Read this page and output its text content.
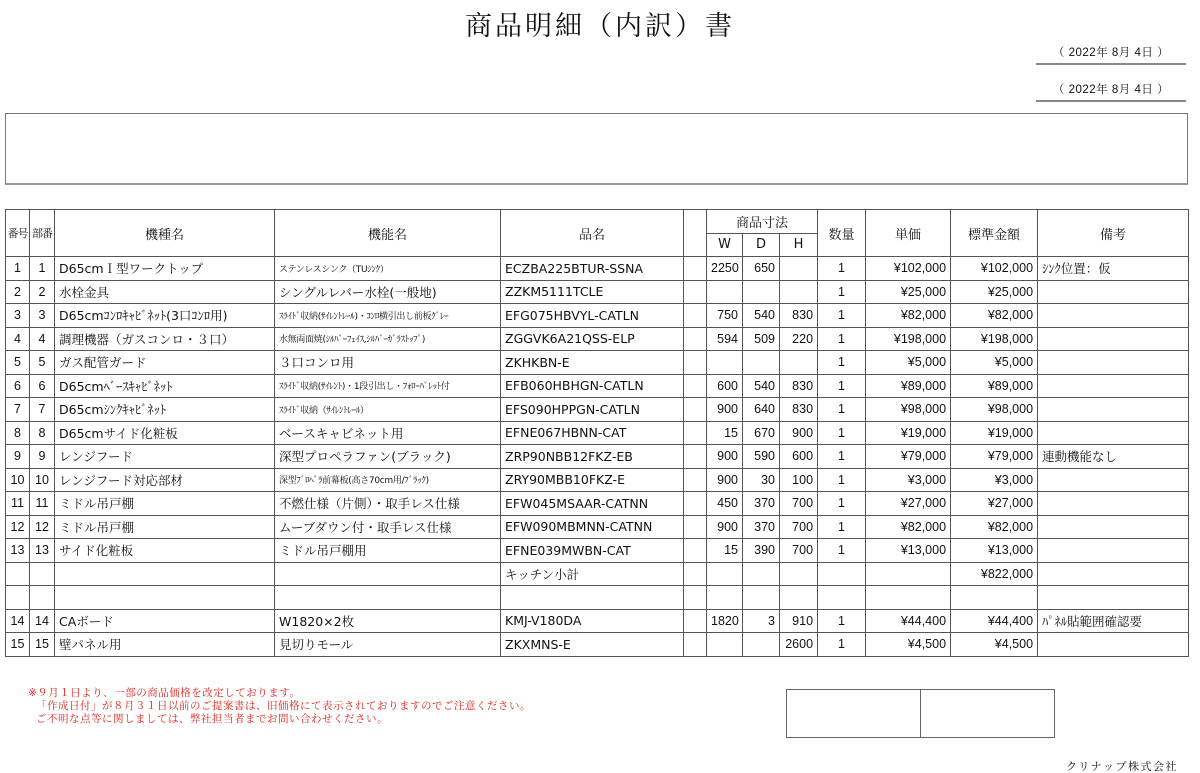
商品明細（内訳）書
（ 2022年 8月 4日 ）
（ 2022年 8月 4日 ）
番号	部番	機種名	機能名	品名		商品寸法			数量	単価	標準金額	備考
						W	D	H				
1	1	D65cmＩ型ワークトップ	ステンレスシンク（TUｼﾝｸ）	ECZBA225BTUR-SSNA		2250	650		1	¥102,000	¥102,000	ｼﾝｸ位置：仮
2	2	水栓金具	シングルレバー水栓(一般地)	ZZKM5111TCLE					1	¥25,000	¥25,000	
3	3	D65cmｺﾝﾛｷｬﾋﾞﾈｯﾄ(3口ｺﾝﾛ用)	ｽﾗｲﾄﾞ収納(ｻｲﾚﾝﾄﾚｰﾙ)・ｺﾝﾛ横引出し前板ｸﾞﾚｰ	EFG075HBVYL-CATLN		750	540	830	1	¥82,000	¥82,000	
4	4	調理機器（ガスコンロ・３口）	水無両面焼(ｼﾙﾊﾞｰﾌｪｲｽ,ｼﾙﾊﾞｰｶﾞﾗｽﾄｯﾌﾟ)	ZGGVK6A21QSS-ELP		594	509	220	1	¥198,000	¥198,000	
5	5	ガス配管ガード	３口コンロ用	ZKHKBN-E					1	¥5,000	¥5,000	
6	6	D65cmﾍﾞｰｽｷｬﾋﾞﾈｯﾄ	ｽﾗｲﾄﾞ収納(ｻｲﾚﾝﾄ)・1段引出し・ﾌｫﾛｰﾊﾟﾚｯﾄ付	EFB060HBHGN-CATLN		600	540	830	1	¥89,000	¥89,000	
7	7	D65cmｼﾝｸｷｬﾋﾞﾈｯﾄ	ｽﾗｲﾄﾞ収納（ｻｲﾚﾝﾄﾚｰﾙ）	EFS090HPPGN-CATLN		900	640	830	1	¥98,000	¥98,000	
8	8	D65cmサイド化粧板	ベースキャビネット用	EFNE067HBNN-CAT		15	670	900	1	¥19,000	¥19,000	
9	9	レンジフード	深型プロペラファン(ブラック)	ZRP90NBB12FKZ-EB		900	590	600	1	¥79,000	¥79,000	連動機能なし
10	10	レンジフード対応部材	深型ﾌﾟﾛﾍﾟﾗ前幕板(高さ70cm用/ﾌﾞﾗｯｸ)	ZRY90MBB10FKZ-E		900	30	100	1	¥3,000	¥3,000	
11	11	ミドル吊戸棚	不燃仕様（片側）・取手レス仕様	EFW045MSAAR-CATNN		450	370	700	1	¥27,000	¥27,000	
12	12	ミドル吊戸棚	ムーブダウン付・取手レス仕様	EFW090MBMNN-CATNN		900	370	700	1	¥82,000	¥82,000	
13	13	サイド化粧板	ミドル吊戸棚用	EFNE039MWBN-CAT		15	390	700	1	¥13,000	¥13,000	
				キッチン小計							¥822,000	

14	14	CAボード	W1820×2枚	KMJ-V180DA		1820	3	910	1	¥44,400	¥44,400	ﾊﾟﾈﾙ貼範囲確認要
15	15	壁パネル用	見切りモール	ZKXMNS-E				2600	1	¥4,500	¥4,500	
※９月１日より、一部の商品価格を改定しております。
「作成日付」が８月３１日以前のご提案書は、旧価格にて表示されておりますのでご注意ください。
ご不明な点等に関しましては、弊社担当者までお問い合わせください。
クリナップ株式会社
